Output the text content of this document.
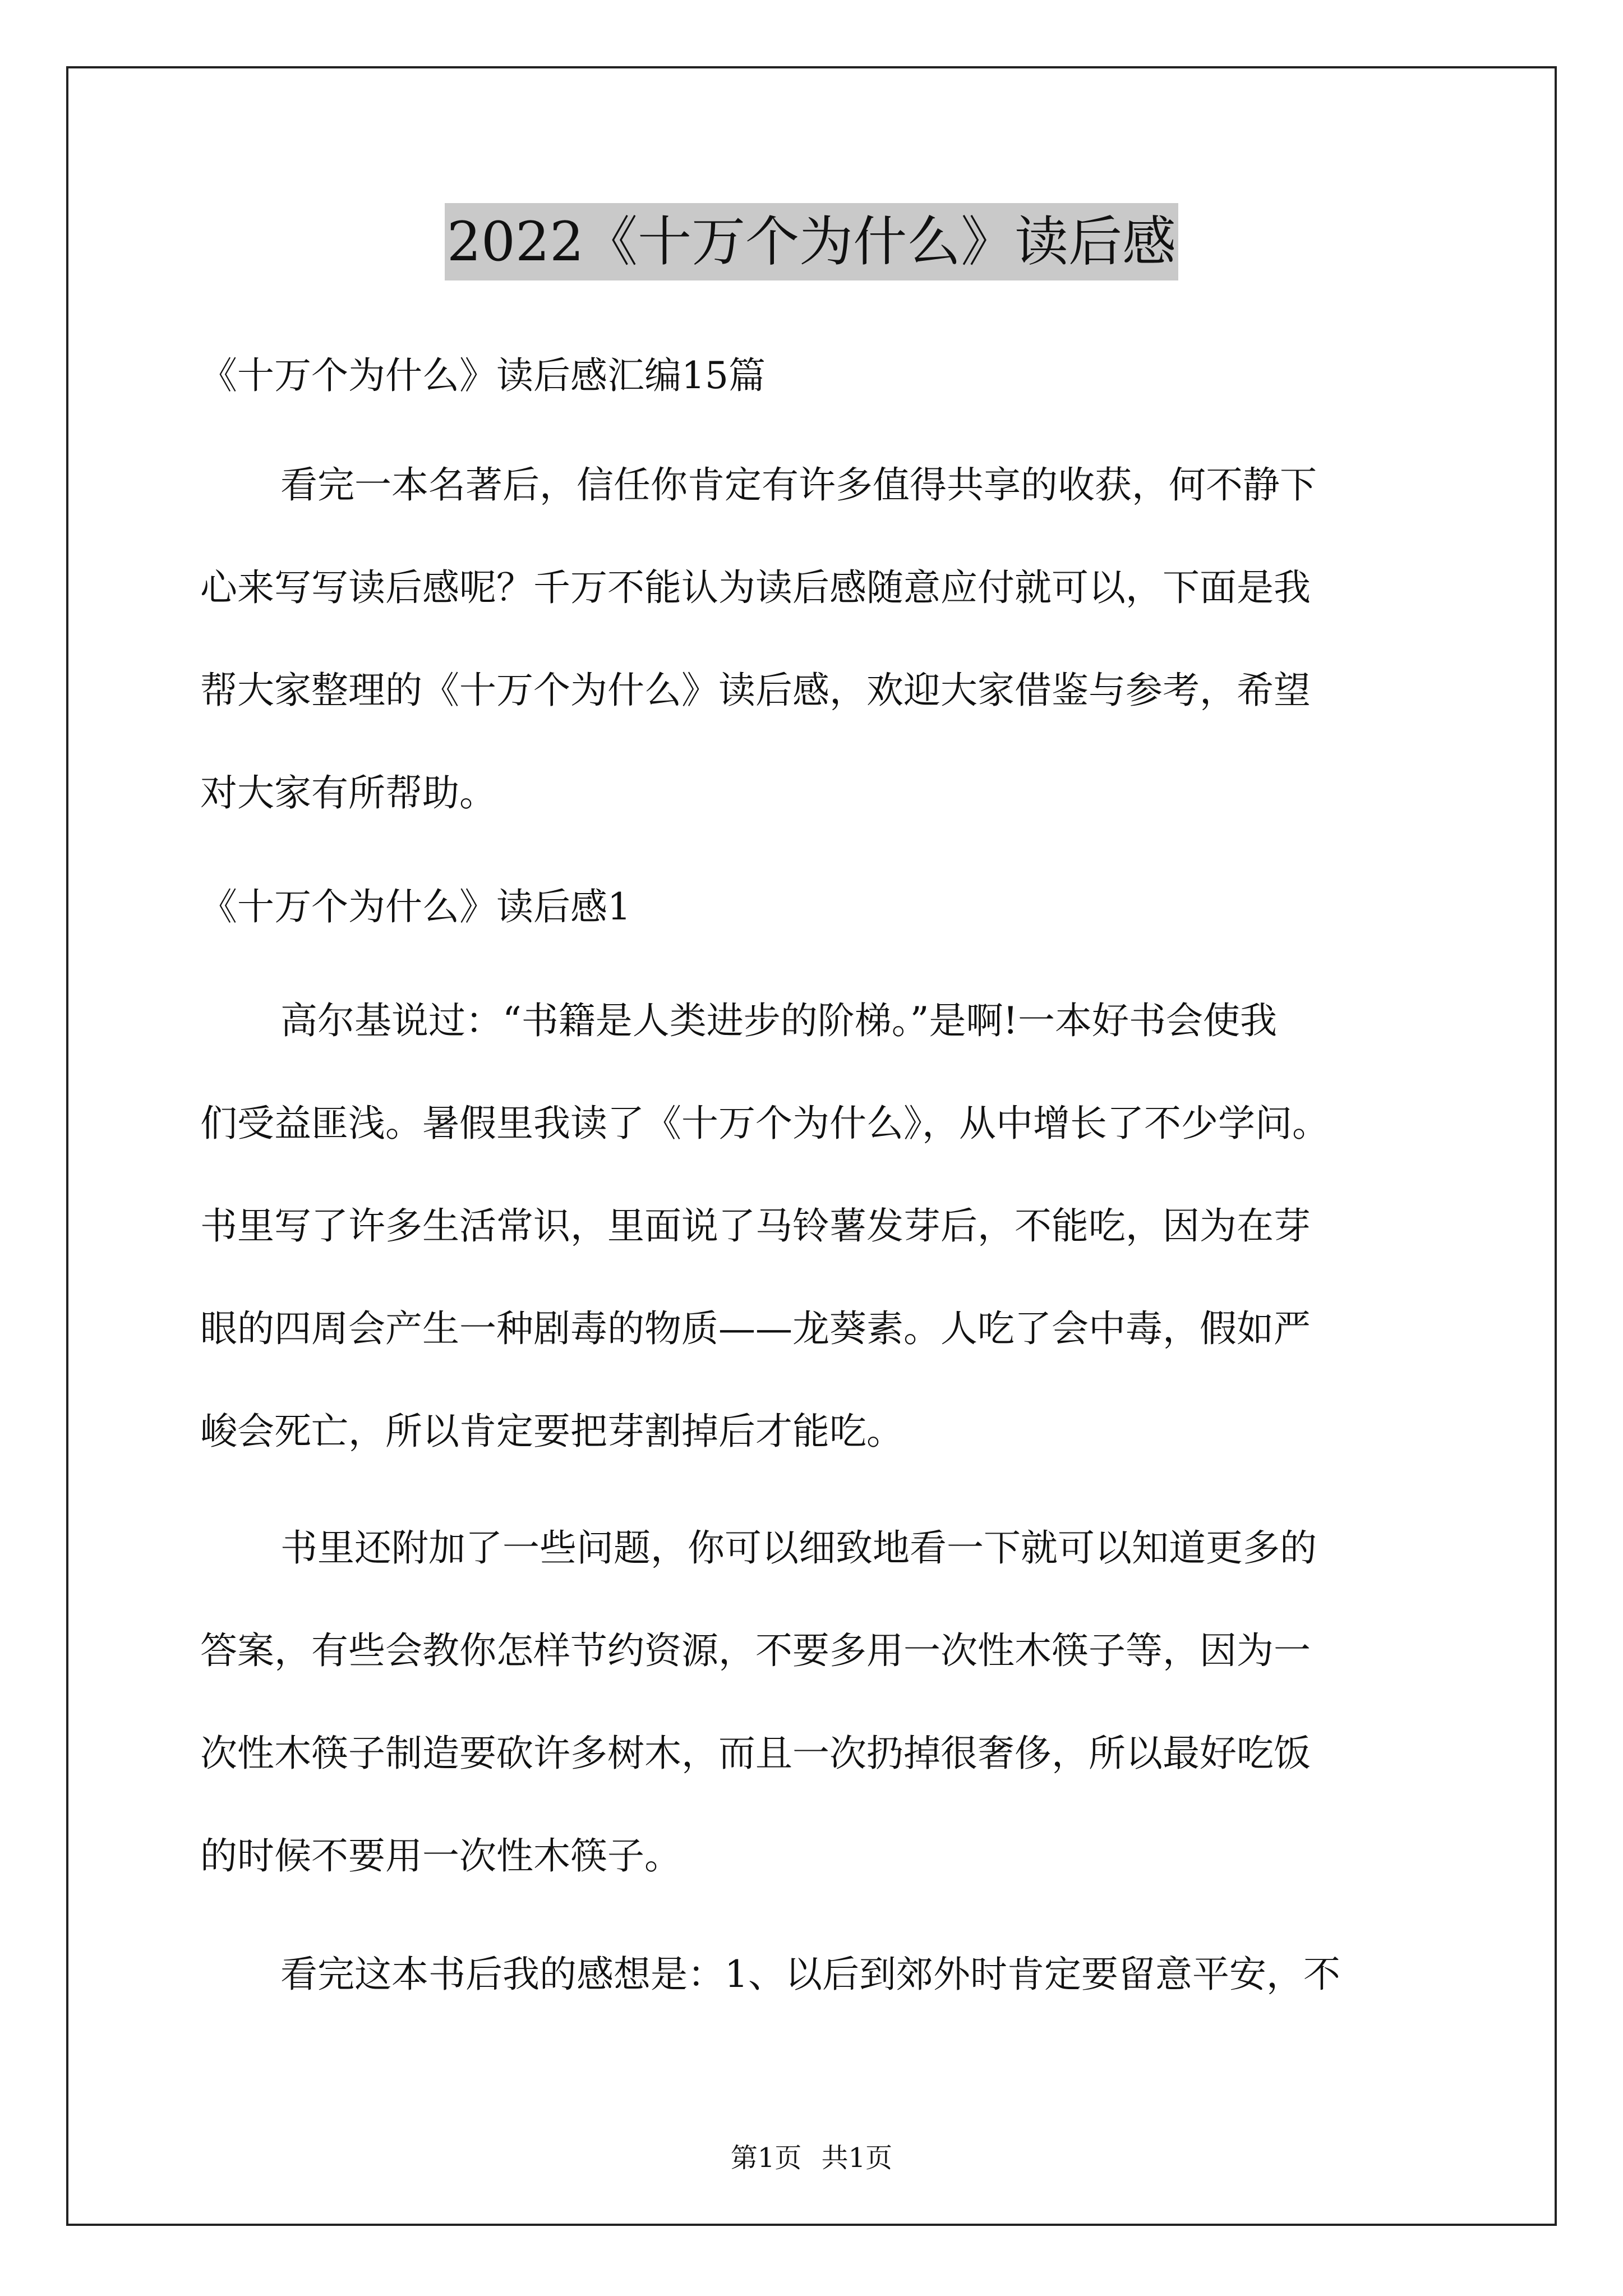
2022《十万个为什么》读后感
《十万个为什么》读后感汇编15篇
看完一本名著后，信任你肯定有许多值得共享的收获，何不静下
心来写写读后感呢？千万不能认为读后感随意应付就可以，下面是我
帮大家整理的《十万个为什么》读后感，欢迎大家借鉴与参考，希望
对大家有所帮助。
《十万个为什么》读后感1
高尔基说过：“书籍是人类进步的阶梯。”是啊!一本好书会使我
们受益匪浅。暑假里我读了《十万个为什么》，从中增长了不少学问。
书里写了许多生活常识，里面说了马铃薯发芽后，不能吃，因为在芽
眼的四周会产生一种剧毒的物质——龙葵素。人吃了会中毒，假如严
峻会死亡，所以肯定要把芽割掉后才能吃。
书里还附加了一些问题，你可以细致地看一下就可以知道更多的
答案，有些会教你怎样节约资源，不要多用一次性木筷子等，因为一
次性木筷子制造要砍许多树木，而且一次扔掉很奢侈，所以最好吃饭
的时候不要用一次性木筷子。
看完这本书后我的感想是：1、以后到郊外时肯定要留意平安，不
第1页 共1页
